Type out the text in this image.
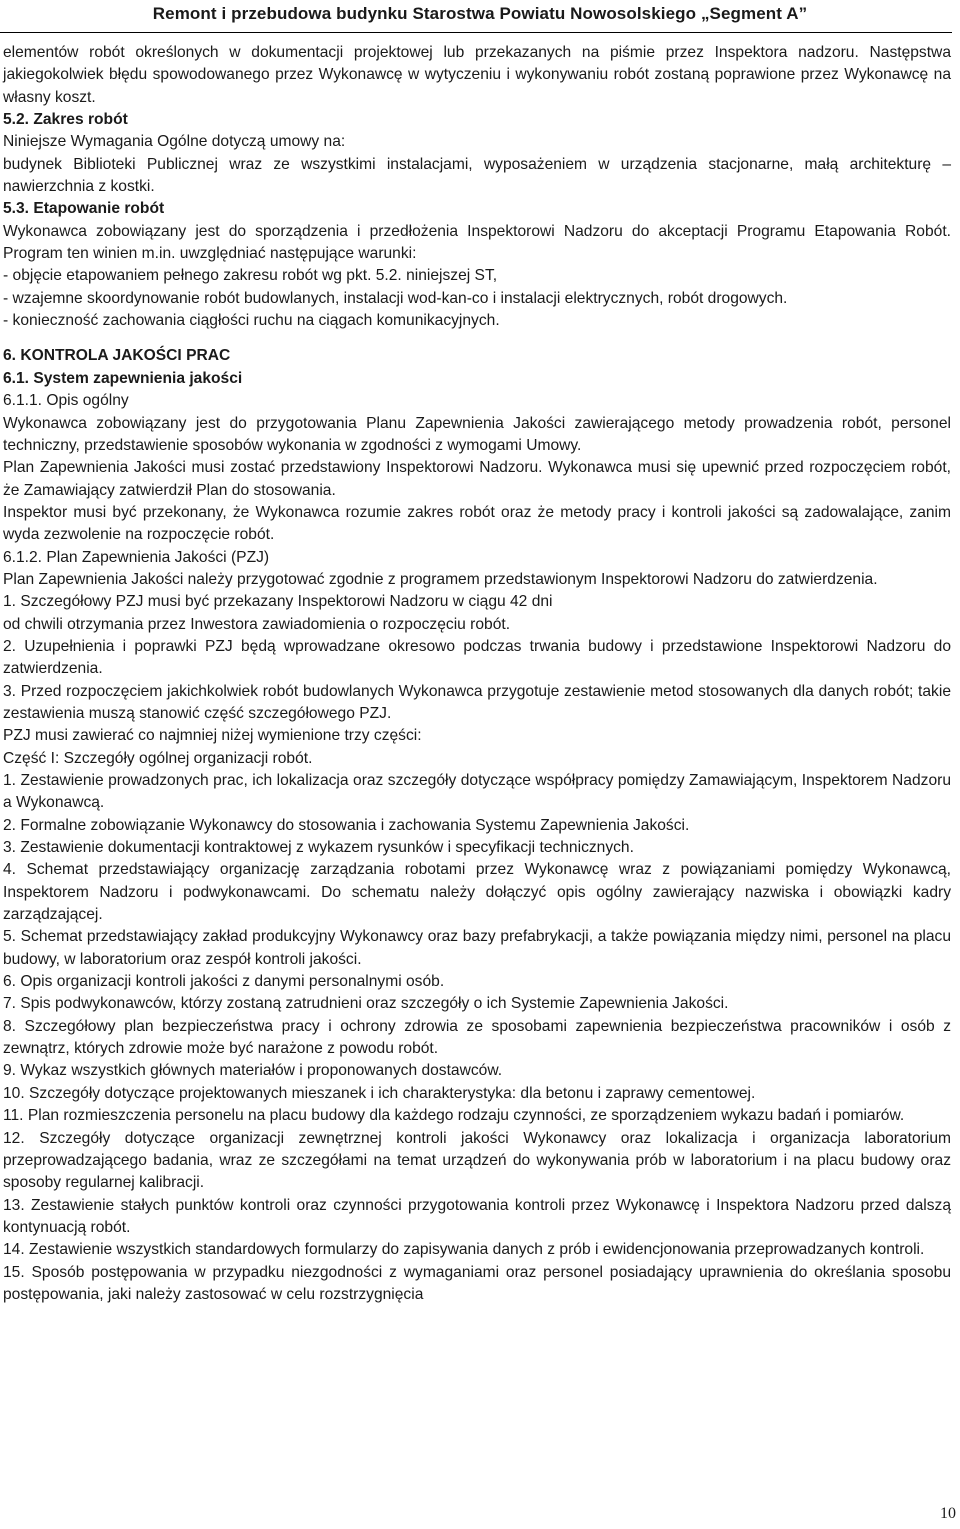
Remont i przebudowa budynku Starostwa Powiatu Nowosolskiego „Segment A”

elementów robót określonych w dokumentacji projektowej lub przekazanych na piśmie przez Inspektora nadzoru. Następstwa jakiegokolwiek błędu spowodowanego przez Wykonawcę w wytyczeniu i wykonywaniu robót zostaną poprawione przez Wykonawcę na własny koszt.

5.2. Zakres robót

Niniejsze Wymagania Ogólne dotyczą umowy na:

budynek Biblioteki Publicznej wraz ze wszystkimi instalacjami, wyposażeniem w urządzenia stacjonarne, małą architekturę – nawierzchnia z kostki.

5.3. Etapowanie robót

Wykonawca zobowiązany jest do sporządzenia i przedłożenia Inspektorowi Nadzoru do akceptacji Programu Etapowania Robót. Program ten winien m.in. uwzględniać następujące warunki:

- objęcie etapowaniem pełnego zakresu robót wg pkt. 5.2. niniejszej ST,

- wzajemne skoordynowanie robót budowlanych, instalacji wod-kan-co i instalacji elektrycznych, robót drogowych.

- konieczność zachowania ciągłości ruchu na ciągach komunikacyjnych.

6. KONTROLA JAKOŚCI PRAC

6.1. System zapewnienia jakości

6.1.1. Opis ogólny

Wykonawca zobowiązany jest do przygotowania Planu Zapewnienia Jakości zawierającego metody prowadzenia robót, personel techniczny, przedstawienie sposobów wykonania w zgodności z wymogami Umowy.

Plan Zapewnienia Jakości musi zostać przedstawiony Inspektorowi Nadzoru. Wykonawca musi się upewnić przed rozpoczęciem robót, że Zamawiający zatwierdził Plan do stosowania.

Inspektor musi być przekonany, że Wykonawca rozumie zakres robót oraz że metody pracy i kontroli jakości są zadowalające, zanim wyda zezwolenie na rozpoczęcie robót.

6.1.2. Plan Zapewnienia Jakości (PZJ)

Plan Zapewnienia Jakości należy przygotować zgodnie z programem przedstawionym Inspektorowi Nadzoru do zatwierdzenia.

1. Szczegółowy PZJ musi być przekazany Inspektorowi Nadzoru w ciągu 42 dni

od chwili otrzymania przez Inwestora zawiadomienia o rozpoczęciu robót.

2. Uzupełnienia i poprawki PZJ będą wprowadzane okresowo podczas trwania budowy i przedstawione Inspektorowi Nadzoru do zatwierdzenia.

3. Przed rozpoczęciem jakichkolwiek robót budowlanych Wykonawca przygotuje zestawienie metod stosowanych dla danych robót; takie zestawienia muszą stanowić część szczegółowego PZJ.

PZJ musi zawierać co najmniej niżej wymienione trzy części:

Część I: Szczegóły ogólnej organizacji robót.

1. Zestawienie prowadzonych prac, ich lokalizacja oraz szczegóły dotyczące współpracy pomiędzy Zamawiającym, Inspektorem Nadzoru a Wykonawcą.

2. Formalne zobowiązanie Wykonawcy do stosowania i zachowania Systemu Zapewnienia Jakości.

3. Zestawienie dokumentacji kontraktowej z wykazem rysunków i specyfikacji technicznych.

4. Schemat przedstawiający organizację zarządzania robotami przez Wykonawcę wraz z powiązaniami pomiędzy Wykonawcą, Inspektorem Nadzoru i podwykonawcami. Do schematu należy dołączyć opis ogólny zawierający nazwiska i obowiązki kadry zarządzającej.

5. Schemat przedstawiający zakład produkcyjny Wykonawcy oraz bazy prefabrykacji, a także powiązania między nimi, personel na placu budowy, w laboratorium oraz zespół kontroli jakości.

6. Opis organizacji kontroli jakości z danymi personalnymi osób.

7. Spis podwykonawców, którzy zostaną zatrudnieni oraz szczegóły o ich Systemie Zapewnienia Jakości.

8. Szczegółowy plan bezpieczeństwa pracy i ochrony zdrowia ze sposobami zapewnienia bezpieczeństwa pracowników i osób z zewnątrz, których zdrowie może być narażone z powodu robót.

9. Wykaz wszystkich głównych materiałów i proponowanych dostawców.

10. Szczegóły dotyczące projektowanych mieszanek i ich charakterystyka: dla betonu i zaprawy cementowej.

11. Plan rozmieszczenia personelu na placu budowy dla każdego rodzaju czynności, ze sporządzeniem wykazu badań i pomiarów.

12. Szczegóły dotyczące organizacji zewnętrznej kontroli jakości Wykonawcy oraz lokalizacja i organizacja laboratorium przeprowadzającego badania, wraz ze szczegółami na temat urządzeń do wykonywania prób w laboratorium i na placu budowy oraz sposoby regularnej kalibracji.

13. Zestawienie stałych punktów kontroli oraz czynności przygotowania kontroli przez Wykonawcę i Inspektora Nadzoru przed dalszą kontynuacją robót.

14. Zestawienie wszystkich standardowych formularzy do zapisywania danych z prób i ewidencjonowania przeprowadzanych kontroli.

15. Sposób postępowania w przypadku niezgodności z wymaganiami oraz personel posiadający uprawnienia do określania sposobu postępowania, jaki należy zastosować w celu rozstrzygnięcia

10
